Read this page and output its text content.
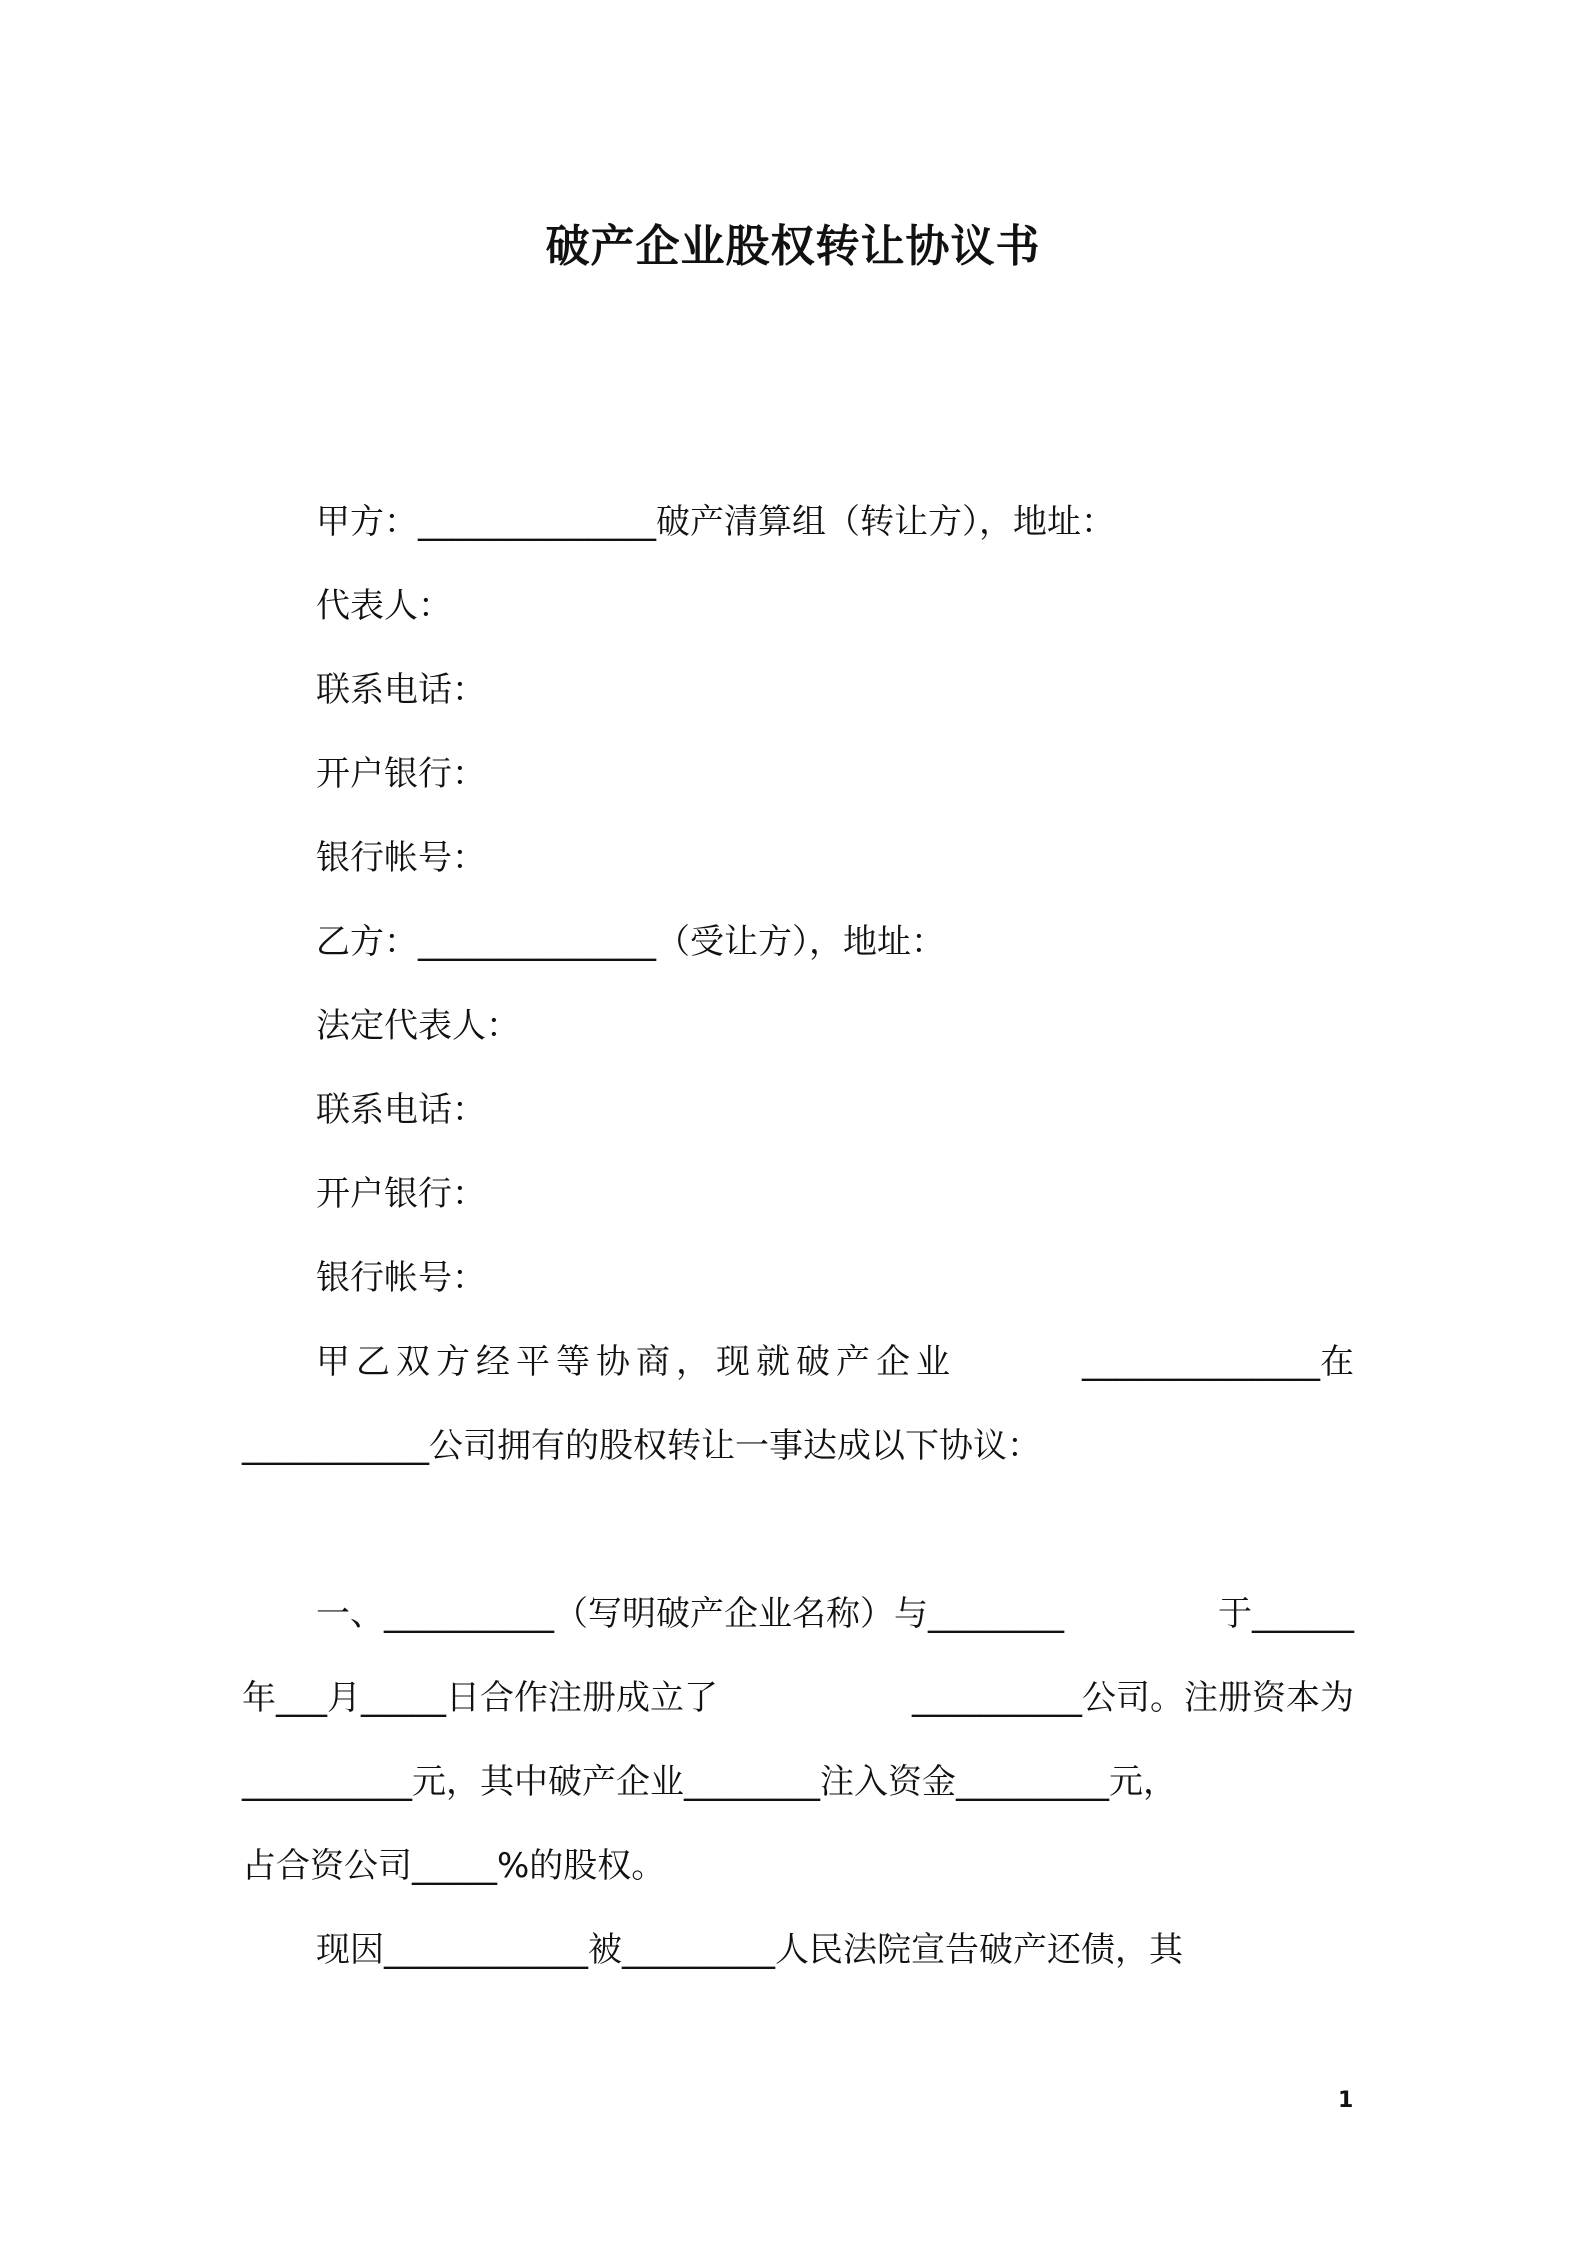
破产企业股权转让协议书
甲方：______________破产清算组（转让方），地址：
代表人：
联系电话：
开户银行：
银行帐号：
乙方：______________（受让方），地址：
法定代表人：
联系电话：
开户银行：
银行帐号：
甲乙双方经平等协商，现就破产企业	______________在
___________公司拥有的股权转让一事达成以下协议：
一、__________（写明破产企业名称）与________	于______
年___月_____日合作注册成立了	__________公司。注册资本为
__________元，其中破产企业________注入资金_________元，
占合资公司_____%的股权。
现因____________被_________人民法院宣告破产还债，其
1
